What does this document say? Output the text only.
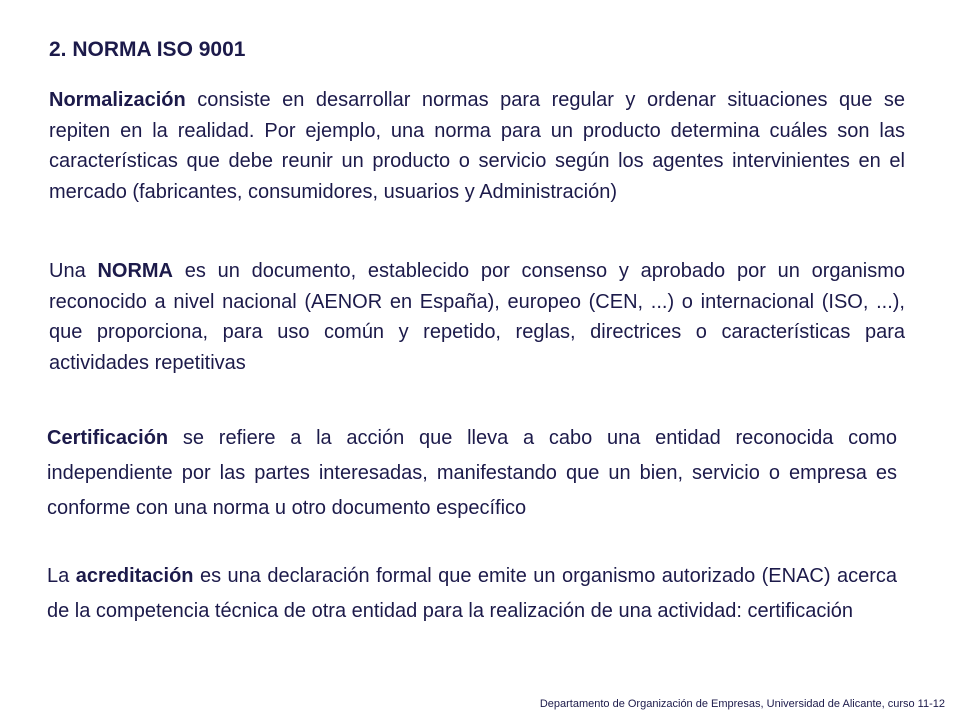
2. NORMA ISO 9001

Normalización consiste en desarrollar normas para regular y ordenar situaciones que se repiten en la realidad. Por ejemplo, una norma para un producto determina cuáles son las características que debe reunir un producto o servicio según los agentes intervinientes en el mercado (fabricantes, consumidores, usuarios y Administración)

Una NORMA es un documento, establecido por consenso y aprobado por un organismo reconocido a nivel nacional (AENOR en España), europeo (CEN, ...) o internacional (ISO, ...), que proporciona, para uso común y repetido, reglas, directrices o características para actividades repetitivas

Certificación se refiere a la acción que lleva a cabo una entidad reconocida como independiente por las partes interesadas, manifestando que un bien, servicio o empresa es conforme con una norma u otro documento específico

La acreditación es una declaración formal que emite un organismo autorizado (ENAC) acerca de la competencia técnica de otra entidad para la realización de una actividad: certificación

Departamento de Organización de Empresas, Universidad de Alicante, curso 11-12
